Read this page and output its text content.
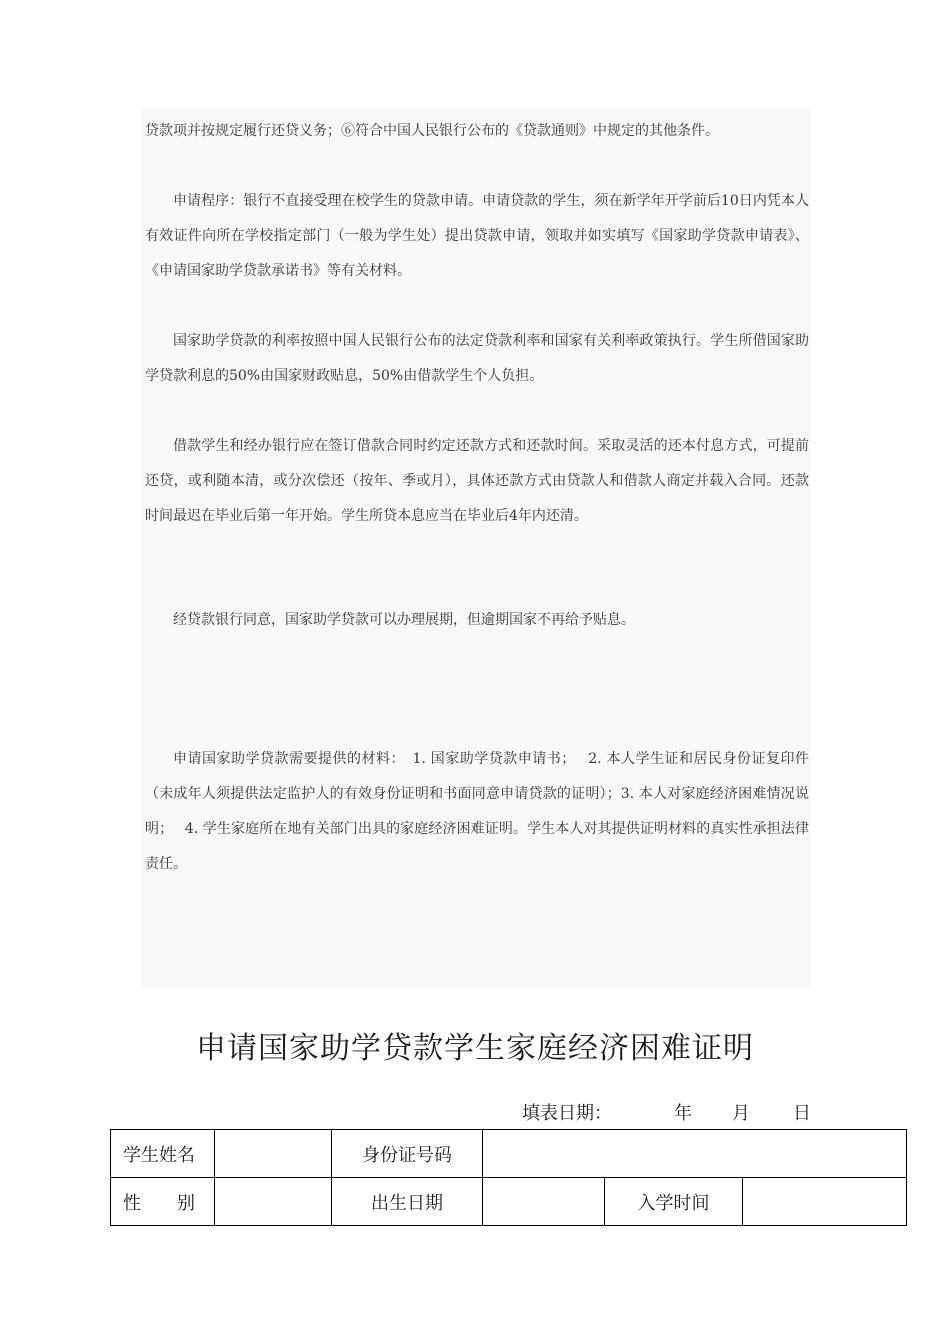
贷款项并按规定履行还贷义务；⑥符合中国人民银行公布的《贷款通则》中规定的其他条件。

申请程序：银行不直接受理在校学生的贷款申请。申请贷款的学生，须在新学年开学前后10日内凭本人有效证件向所在学校指定部门（一般为学生处）提出贷款申请，领取并如实填写《国家助学贷款申请表》、《申请国家助学贷款承诺书》等有关材料。

国家助学贷款的利率按照中国人民银行公布的法定贷款利率和国家有关利率政策执行。学生所借国家助学贷款利息的50%由国家财政贴息，50%由借款学生个人负担。

借款学生和经办银行应在签订借款合同时约定还款方式和还款时间。采取灵活的还本付息方式，可提前还贷，或利随本清，或分次偿还（按年、季或月），具体还款方式由贷款人和借款人商定并载入合同。还款时间最迟在毕业后第一年开始。学生所贷本息应当在毕业后4年内还清。

经贷款银行同意，国家助学贷款可以办理展期，但逾期国家不再给予贴息。

申请国家助学贷款需要提供的材料：　1. 国家助学贷款申请书；　 2. 本人学生证和居民身份证复印件（未成年人须提供法定监护人的有效身份证明和书面同意申请贷款的证明）；3. 本人对家庭经济困难情况说明；　 4. 学生家庭所在地有关部门出具的家庭经济困难证明。学生本人对其提供证明材料的真实性承担法律责任。

申请国家助学贷款学生家庭经济困难证明
填表日期：	年 月 日
学生姓名		身份证号码			
性　　别		出生日期		入学时间	
